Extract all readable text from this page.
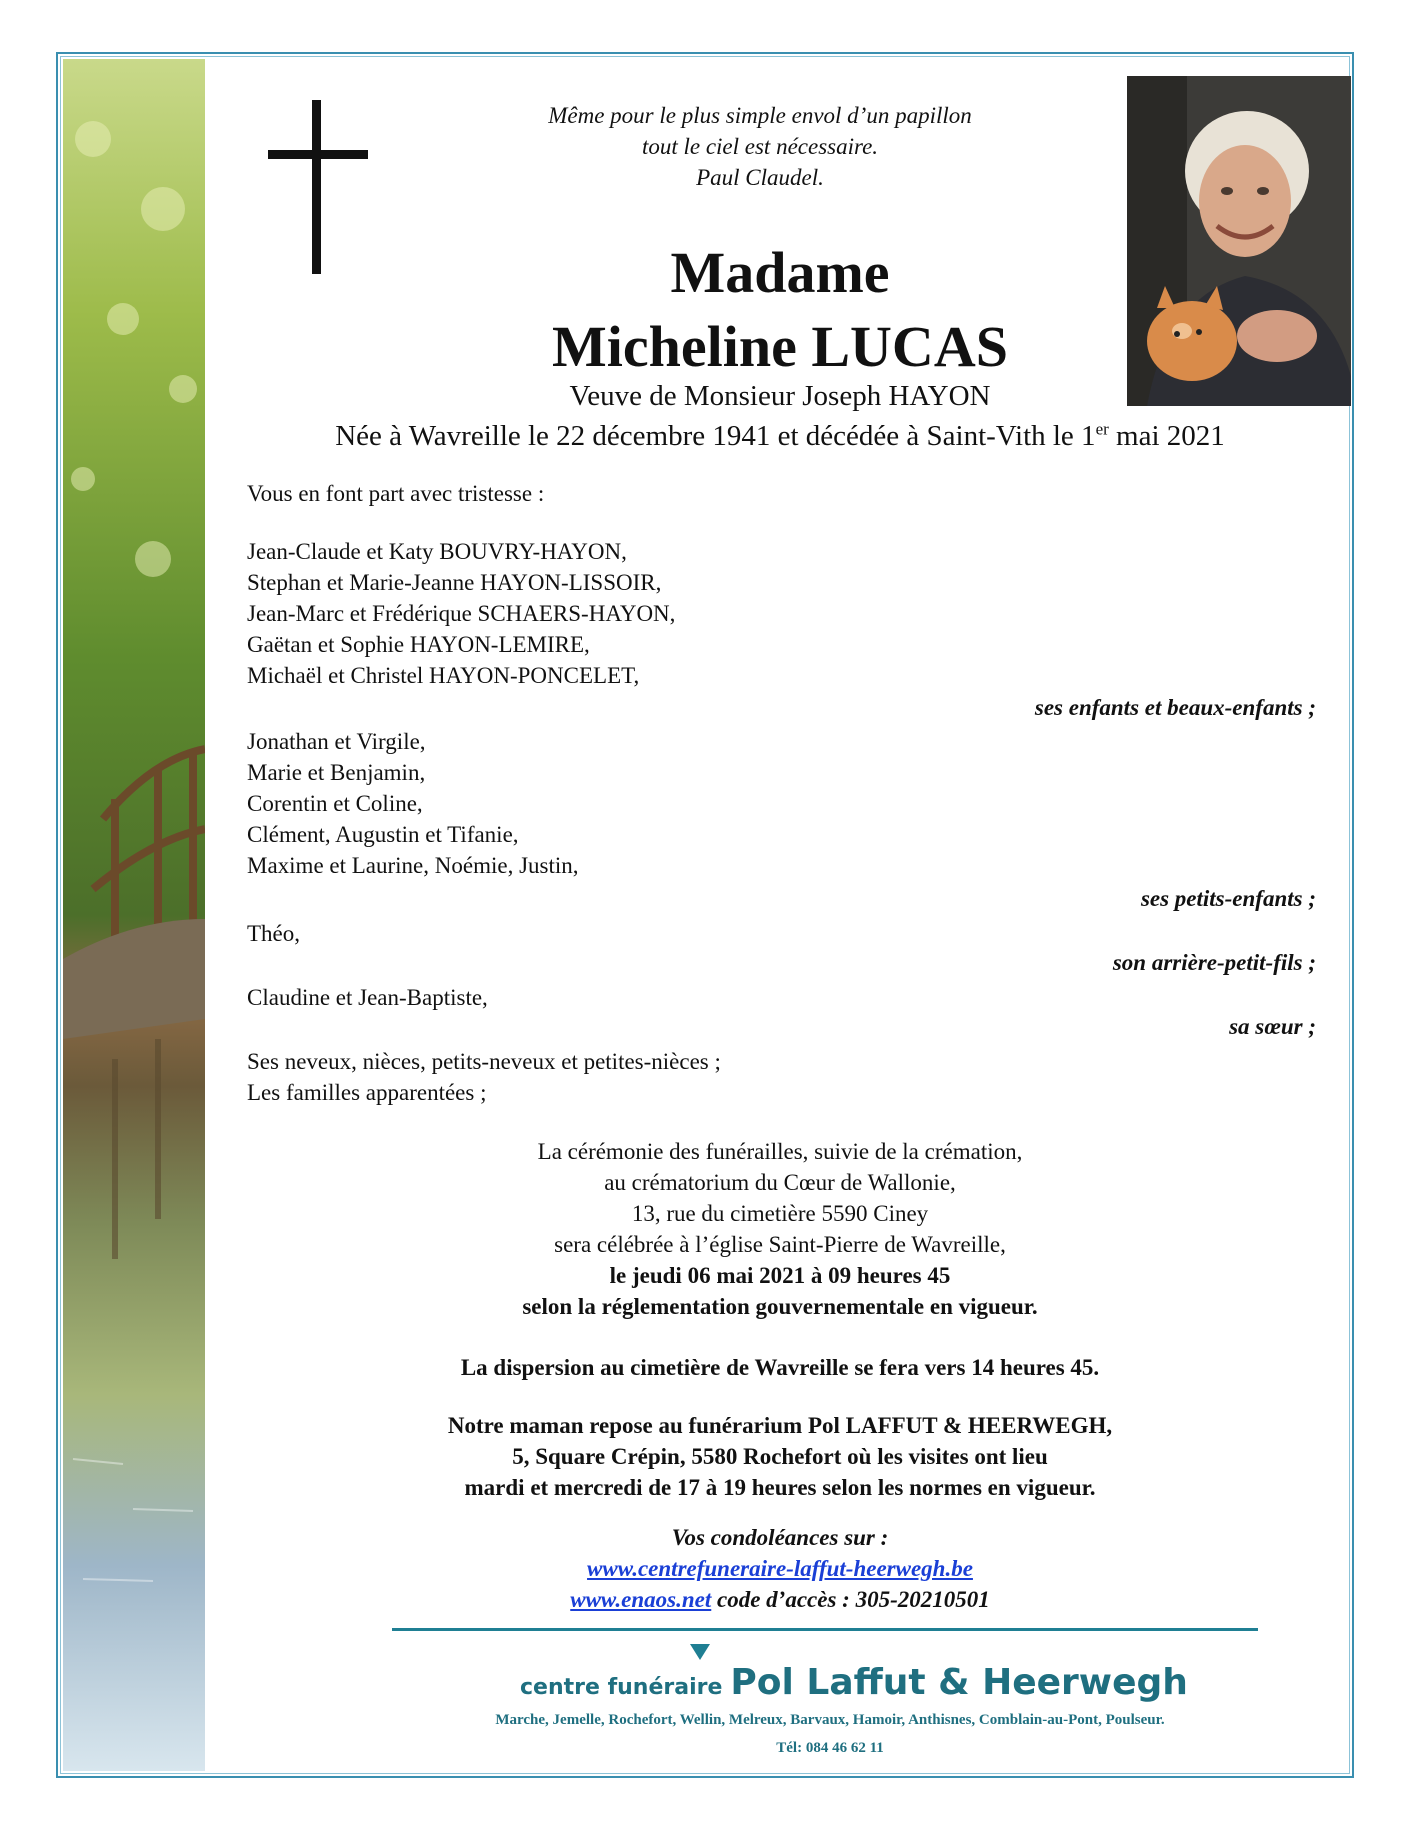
Même pour le plus simple envol d’un papillon
tout le ciel est nécessaire.
Paul Claudel.
Madame
Micheline LUCAS
Veuve de Monsieur Joseph HAYON
Née à Wavreille le 22 décembre 1941 et décédée à Saint-Vith le 1er mai 2021
Vous en font part avec tristesse :
Jean-Claude et Katy BOUVRY-HAYON,
Stephan et Marie-Jeanne HAYON-LISSOIR,
Jean-Marc et Frédérique SCHAERS-HAYON,
Gaëtan et Sophie HAYON-LEMIRE,
Michaël et Christel HAYON-PONCELET,
ses enfants et beaux-enfants ;
Jonathan et Virgile,
Marie et Benjamin,
Corentin et Coline,
Clément, Augustin et Tifanie,
Maxime et Laurine, Noémie, Justin,
ses petits-enfants ;
Théo,
son arrière-petit-fils ;
Claudine et Jean-Baptiste,
sa sœur ;
Ses neveux, nièces, petits-neveux et petites-nièces ;
Les familles apparentées ;
La cérémonie des funérailles, suivie de la crémation,
au crématorium du Cœur de Wallonie,
13, rue du cimetière 5590 Ciney
sera célébrée à l’église Saint-Pierre de Wavreille,
le jeudi 06 mai 2021 à 09 heures 45
selon la réglementation gouvernementale en vigueur.
La dispersion au cimetière de Wavreille se fera vers 14 heures 45.
Notre maman repose au funérarium Pol LAFFUT & HEERWEGH,
5, Square Crépin, 5580 Rochefort où les visites ont lieu
mardi et mercredi de 17 à 19 heures selon les normes en vigueur.
Vos condoléances sur :
www.centrefuneraire-laffut-heerwegh.be
www.enaos.net code d’accès : 305-20210501
centre funéraire Pol Laffut & Heerwegh
Marche, Jemelle, Rochefort, Wellin, Melreux, Barvaux, Hamoir, Anthisnes, Comblain-au-Pont, Poulseur.
Tél: 084 46 62 11
